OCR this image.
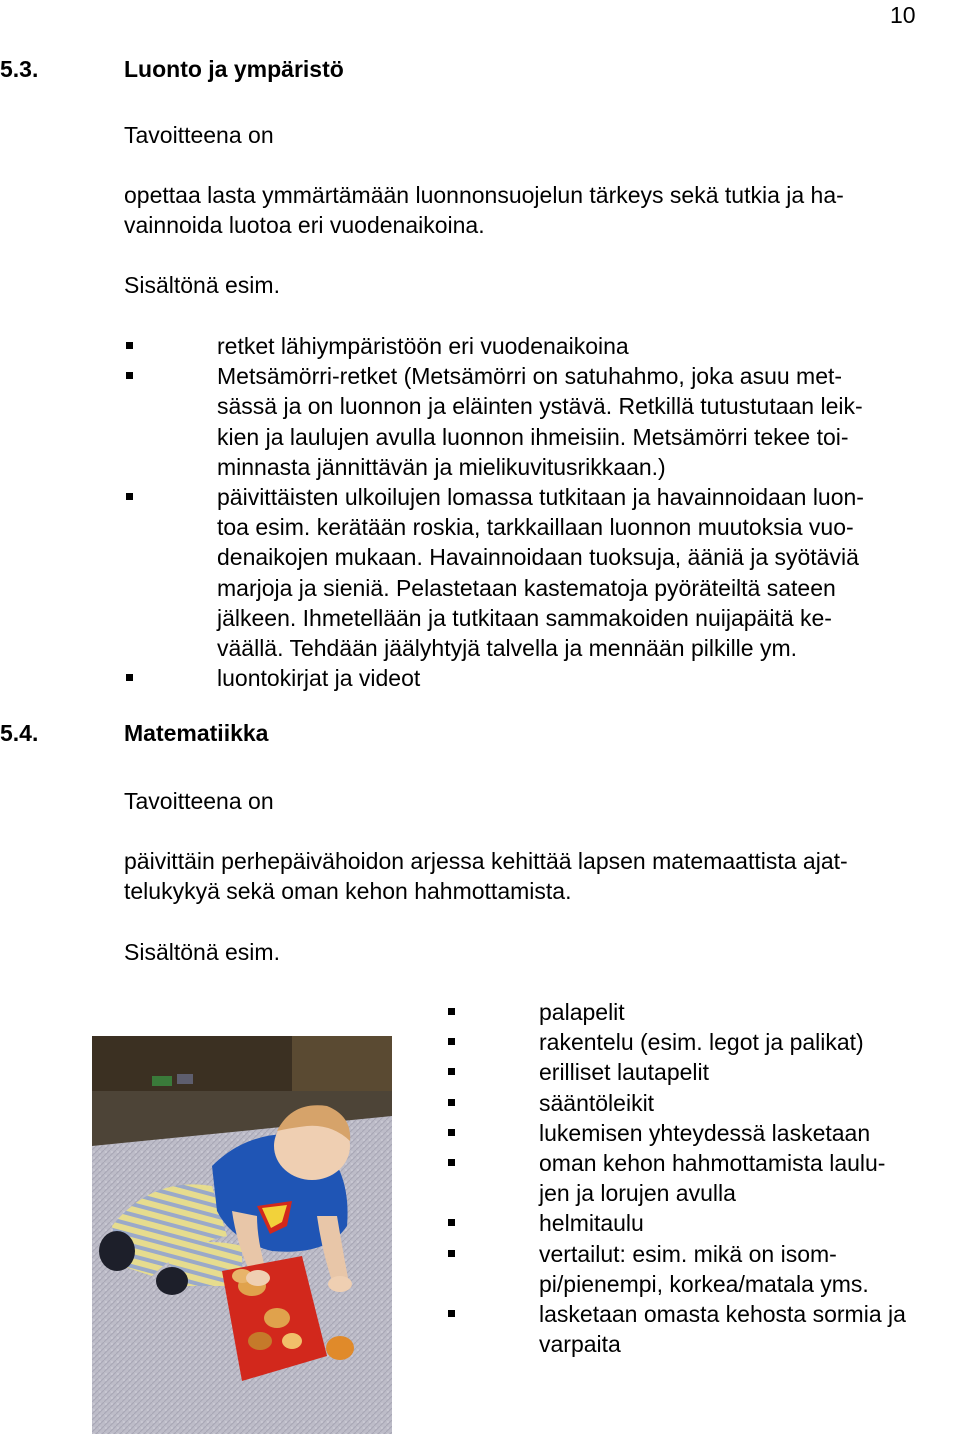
10
5.3.	Luonto ja ympäristö
Tavoitteena on
opettaa lasta ymmärtämään luonnonsuojelun tärkeys sekä tutkia ja ha-
vainnoida luotoa eri vuodenaikoina.
Sisältönä esim.
retket lähiympäristöön eri vuodenaikoina
Metsämörri-retket (Metsämörri on satuhahmo, joka asuu met-
sässä ja on luonnon ja eläinten ystävä. Retkillä tutustutaan leik-
kien ja laulujen avulla luonnon ihmeisiin. Metsämörri tekee toi-
minnasta jännittävän ja mielikuvitusrikkaan.)
päivittäisten ulkoilujen lomassa tutkitaan ja havainnoidaan luon-
toa esim. kerätään roskia, tarkkaillaan luonnon muutoksia vuo-
denaikojen mukaan. Havainnoidaan tuoksuja, ääniä ja syötäviä
marjoja ja sieniä. Pelastetaan kastematoja pyöräteiltä sateen
jälkeen. Ihmetellään ja tutkitaan sammakoiden nuijapäitä ke-
väällä. Tehdään jäälyhtyjä talvella ja mennään pilkille ym.
luontokirjat ja videot
5.4.	Matematiikka
Tavoitteena on
päivittäin perhepäivähoidon arjessa kehittää lapsen matemaattista ajat-
telukykyä sekä oman kehon hahmottamista.
Sisältönä esim.
palapelit
rakentelu (esim. legot ja palikat)
erilliset lautapelit
sääntöleikit
lukemisen yhteydessä lasketaan
oman kehon hahmottamista laulu-
jen ja lorujen avulla
helmitaulu
vertailut: esim. mikä on isom-
pi/pienempi, korkea/matala yms.
lasketaan omasta kehosta sormia ja
varpaita
